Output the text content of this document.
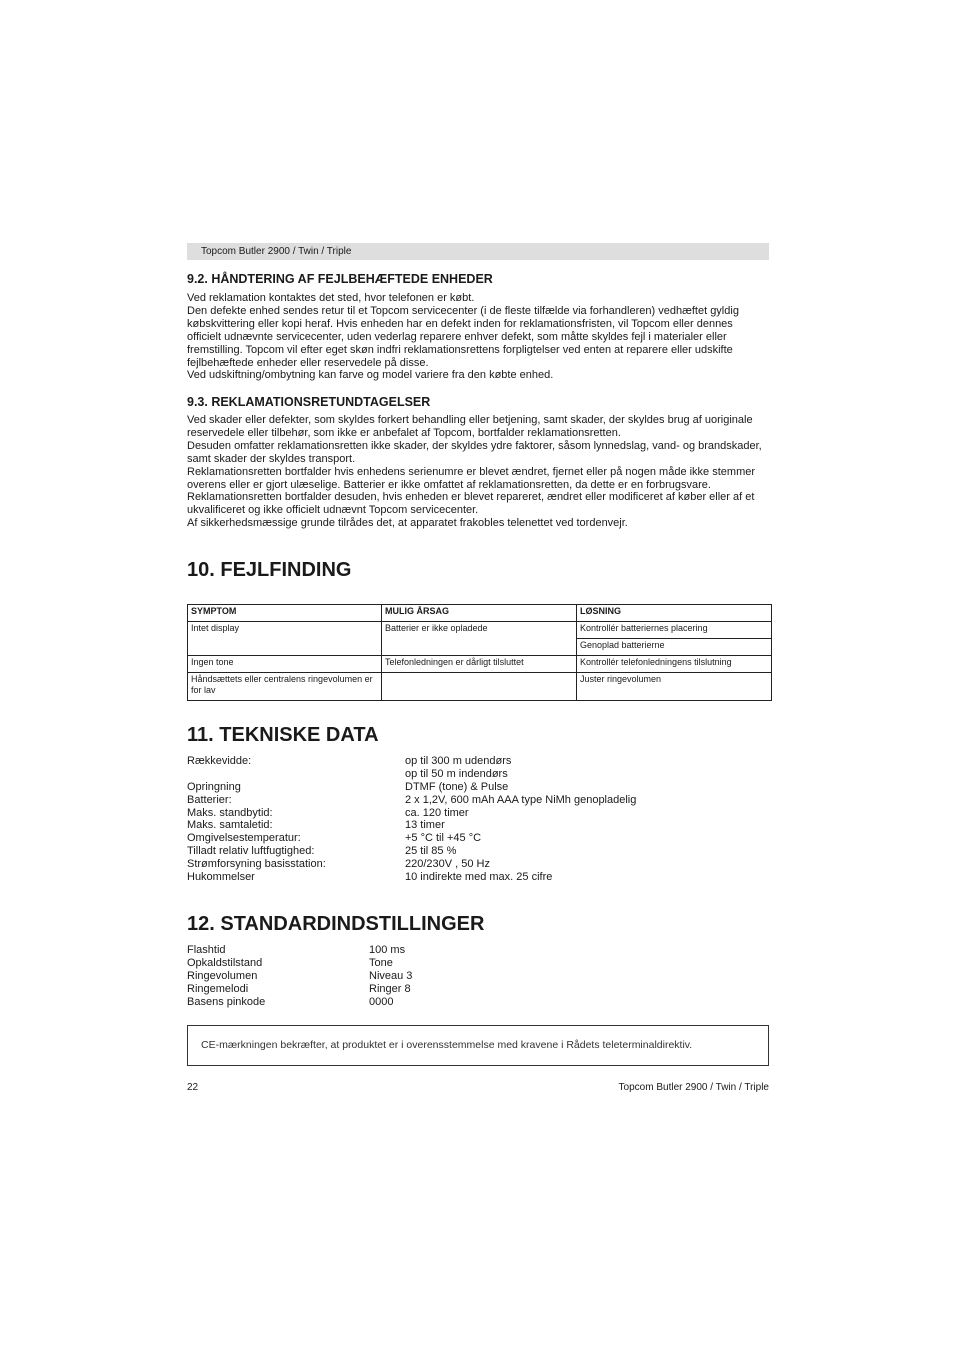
Topcom Butler 2900 / Twin / Triple
9.2. HÅNDTERING AF FEJLBEHÆFTEDE ENHEDER
Ved reklamation kontaktes det sted, hvor telefonen er købt.
Den defekte enhed sendes retur til et Topcom servicecenter (i de fleste tilfælde via forhandleren) vedhæftet gyldig
købskvittering eller kopi heraf. Hvis enheden har en defekt inden for reklamationsfristen, vil Topcom eller dennes
officielt udnævnte servicecenter, uden vederlag reparere enhver defekt, som måtte skyldes fejl i materialer eller
fremstilling. Topcom vil efter eget skøn indfri reklamationsrettens forpligtelser ved enten at reparere eller udskifte
fejlbehæftede enheder eller reservedele på disse.
Ved udskiftning/ombytning kan farve og model variere fra den købte enhed.
9.3. REKLAMATIONSRETUNDTAGELSER
Ved skader eller defekter, som skyldes forkert behandling eller betjening, samt skader, der skyldes brug af uoriginale
reservedele eller tilbehør, som ikke er anbefalet af Topcom, bortfalder reklamationsretten.
Desuden omfatter reklamationsretten ikke skader, der skyldes ydre faktorer, såsom lynnedslag, vand- og brandskader,
samt skader der skyldes transport.
Reklamationsretten bortfalder hvis enhedens serienumre er blevet ændret, fjernet eller på nogen måde ikke stemmer
overens eller er gjort ulæselige. Batterier er ikke omfattet af reklamationsretten, da dette er en forbrugsvare.
Reklamationsretten bortfalder desuden, hvis enheden er blevet repareret, ændret eller modificeret af køber eller af et
ukvalificeret og ikke officielt udnævnt Topcom servicecenter.
Af sikkerhedsmæssige grunde tilrådes det, at apparatet frakobles telenettet ved tordenvejr.
10. FEJLFINDING
SYMPTOM	MULIG ÅRSAG	LØSNING
Intet display	Batterier er ikke opladede	Kontrollér batteriernes placering
		Genoplad batterierne
Ingen tone	Telefonledningen er dårligt tilsluttet	Kontrollér telefonledningens tilslutning
Håndsættets eller centralens ringevolumen er for lav		Juster ringevolumen
11. TEKNISKE DATA
Rækkevidde:	op til 300 m udendørs
op til 50 m indendørs
Opringning	DTMF (tone) & Pulse
Batterier:	2 x 1,2V, 600 mAh AAA type NiMh genopladelig
Maks. standbytid:	ca. 120 timer
Maks. samtaletid:	13 timer
Omgivelsestemperatur:	+5 °C til +45 °C
Tilladt relativ luftfugtighed:	25 til 85 %
Strømforsyning basisstation:	220/230V , 50 Hz
Hukommelser	10 indirekte med max. 25 cifre
12. STANDARDINDSTILLINGER
Flashtid	100 ms
Opkaldstilstand	Tone
Ringevolumen	Niveau 3
Ringemelodi	Ringer 8
Basens pinkode	0000
CE-mærkningen bekræfter, at produktet er i overensstemmelse med kravene i Rådets teleterminaldirektiv.
22	Topcom Butler 2900 / Twin / Triple
